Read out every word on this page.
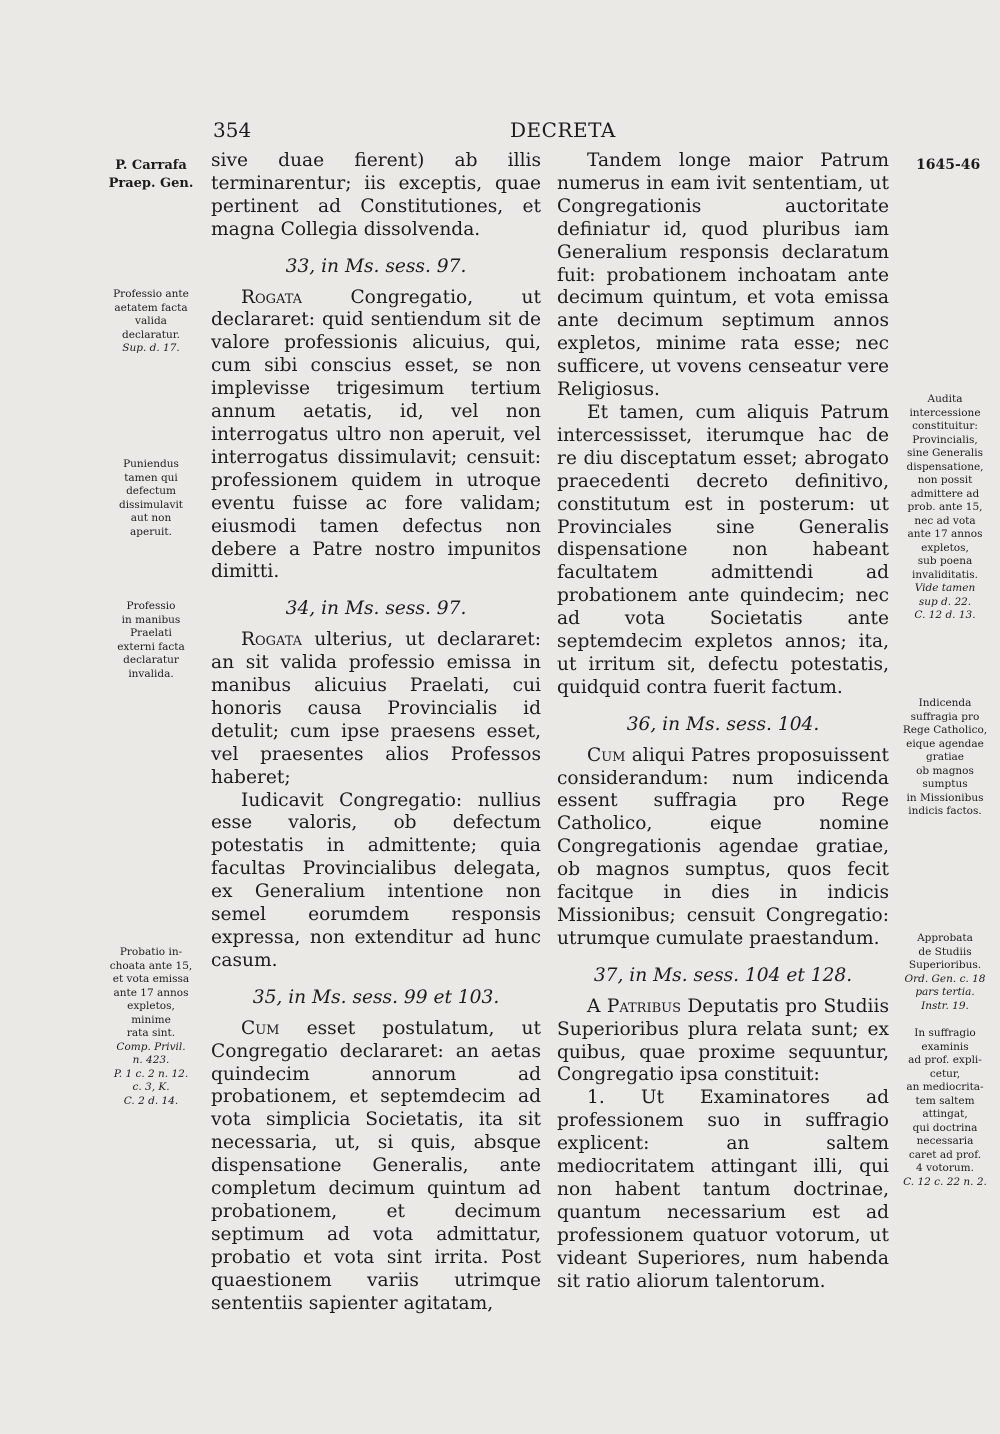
354	DECRETA
P. Carrafa
Praep. Gen.
Professio ante
aetatem facta
valida
declaratur.
Sup. d. 17.
Puniendus
tamen qui
defectum
dissimulavit
aut non
aperuit.
Professio
in manibus
Praelati
externi facta
declaratur
invalida.
Probatio in-
choata ante 15,
et vota emissa
ante 17 annos
expletos,
minime
rata sint.
Comp. Privil.
n. 423.
P. 1 c. 2 n. 12.
c. 3, K.
C. 2 d. 14.
1645-46
Audita
intercessione
constituitur:
Provincialis,
sine Generalis
dispensatione,
non possit
admittere ad
prob. ante 15,
nec ad vota
ante 17 annos
expletos,
sub poena
invaliditatis.
Vide tamen
sup d. 22.
C. 12 d. 13.
Indicenda
suffragia pro
Rege Catholico,
eique agendae
gratiae
ob magnos
sumptus
in Missionibus
indicis factos.
Approbata
de Studiis
Superioribus.
Ord. Gen. c. 18
pars tertia.
Instr. 19.
In suffragio
examinis
ad prof. expli-
cetur,
an mediocrita-
tem saltem
attingat,
qui doctrina
necessaria
caret ad prof.
4 votorum.
C. 12 c. 22 n. 2.

sive duae fierent) ab illis terminarentur; iis exceptis, quae pertinent ad Constitutiones, et magna Collegia dissolvenda.

33, in Ms. sess. 97.

Rogata Congregatio, ut declararet: quid sentiendum sit de valore professionis alicuius, qui, cum sibi conscius esset, se non implevisse trigesimum tertium annum aetatis, id, vel non interrogatus ultro non aperuit, vel interrogatus dissimulavit; censuit: professionem quidem in utroque eventu fuisse ac fore validam; eiusmodi tamen defectus non debere a Patre nostro impunitos dimitti.

34, in Ms. sess. 97.

Rogata ulterius, ut declararet: an sit valida professio emissa in manibus alicuius Praelati, cui honoris causa Provincialis id detulit; cum ipse praesens esset, vel praesentes alios Professos haberet;

Iudicavit Congregatio: nullius esse valoris, ob defectum potestatis in admittente; quia facultas Provincialibus delegata, ex Generalium intentione non semel eorumdem responsis expressa, non extenditur ad hunc casum.

35, in Ms. sess. 99 et 103.

Cum esset postulatum, ut Congregatio declararet: an aetas quindecim annorum ad probationem, et septemdecim ad vota simplicia Societatis, ita sit necessaria, ut, si quis, absque dispensatione Generalis, ante completum decimum quintum ad probationem, et decimum septimum ad vota admittatur, probatio et vota sint irrita. Post quaestionem variis utrimque sententiis sapienter agitatam,

Tandem longe maior Patrum numerus in eam ivit sententiam, ut Congregationis auctoritate definiatur id, quod pluribus iam Generalium responsis declaratum fuit: probationem inchoatam ante decimum quintum, et vota emissa ante decimum septimum annos expletos, minime rata esse; nec sufficere, ut vovens censeatur vere Religiosus.

Et tamen, cum aliquis Patrum intercessisset, iterumque hac de re diu disceptatum esset; abrogato praecedenti decreto definitivo, constitutum est in posterum: ut Provinciales sine Generalis dispensatione non habeant facultatem admittendi ad probationem ante quindecim; nec ad vota Societatis ante septemdecim expletos annos; ita, ut irritum sit, defectu potestatis, quidquid contra fuerit factum.

36, in Ms. sess. 104.

Cum aliqui Patres proposuissent considerandum: num indicenda essent suffragia pro Rege Catholico, eique nomine Congregationis agendae gratiae, ob magnos sumptus, quos fecit facitque in dies in indicis Missionibus; censuit Congregatio: utrumque cumulate praestandum.

37, in Ms. sess. 104 et 128.

A Patribus Deputatis pro Studiis Superioribus plura relata sunt; ex quibus, quae proxime sequuntur, Congregatio ipsa constituit:

1. Ut Examinatores ad professionem suo in suffragio explicent: an saltem mediocritatem attingant illi, qui non habent tantum doctrinae, quantum necessarium est ad professionem quatuor votorum, ut videant Superiores, num habenda sit ratio aliorum talentorum.
